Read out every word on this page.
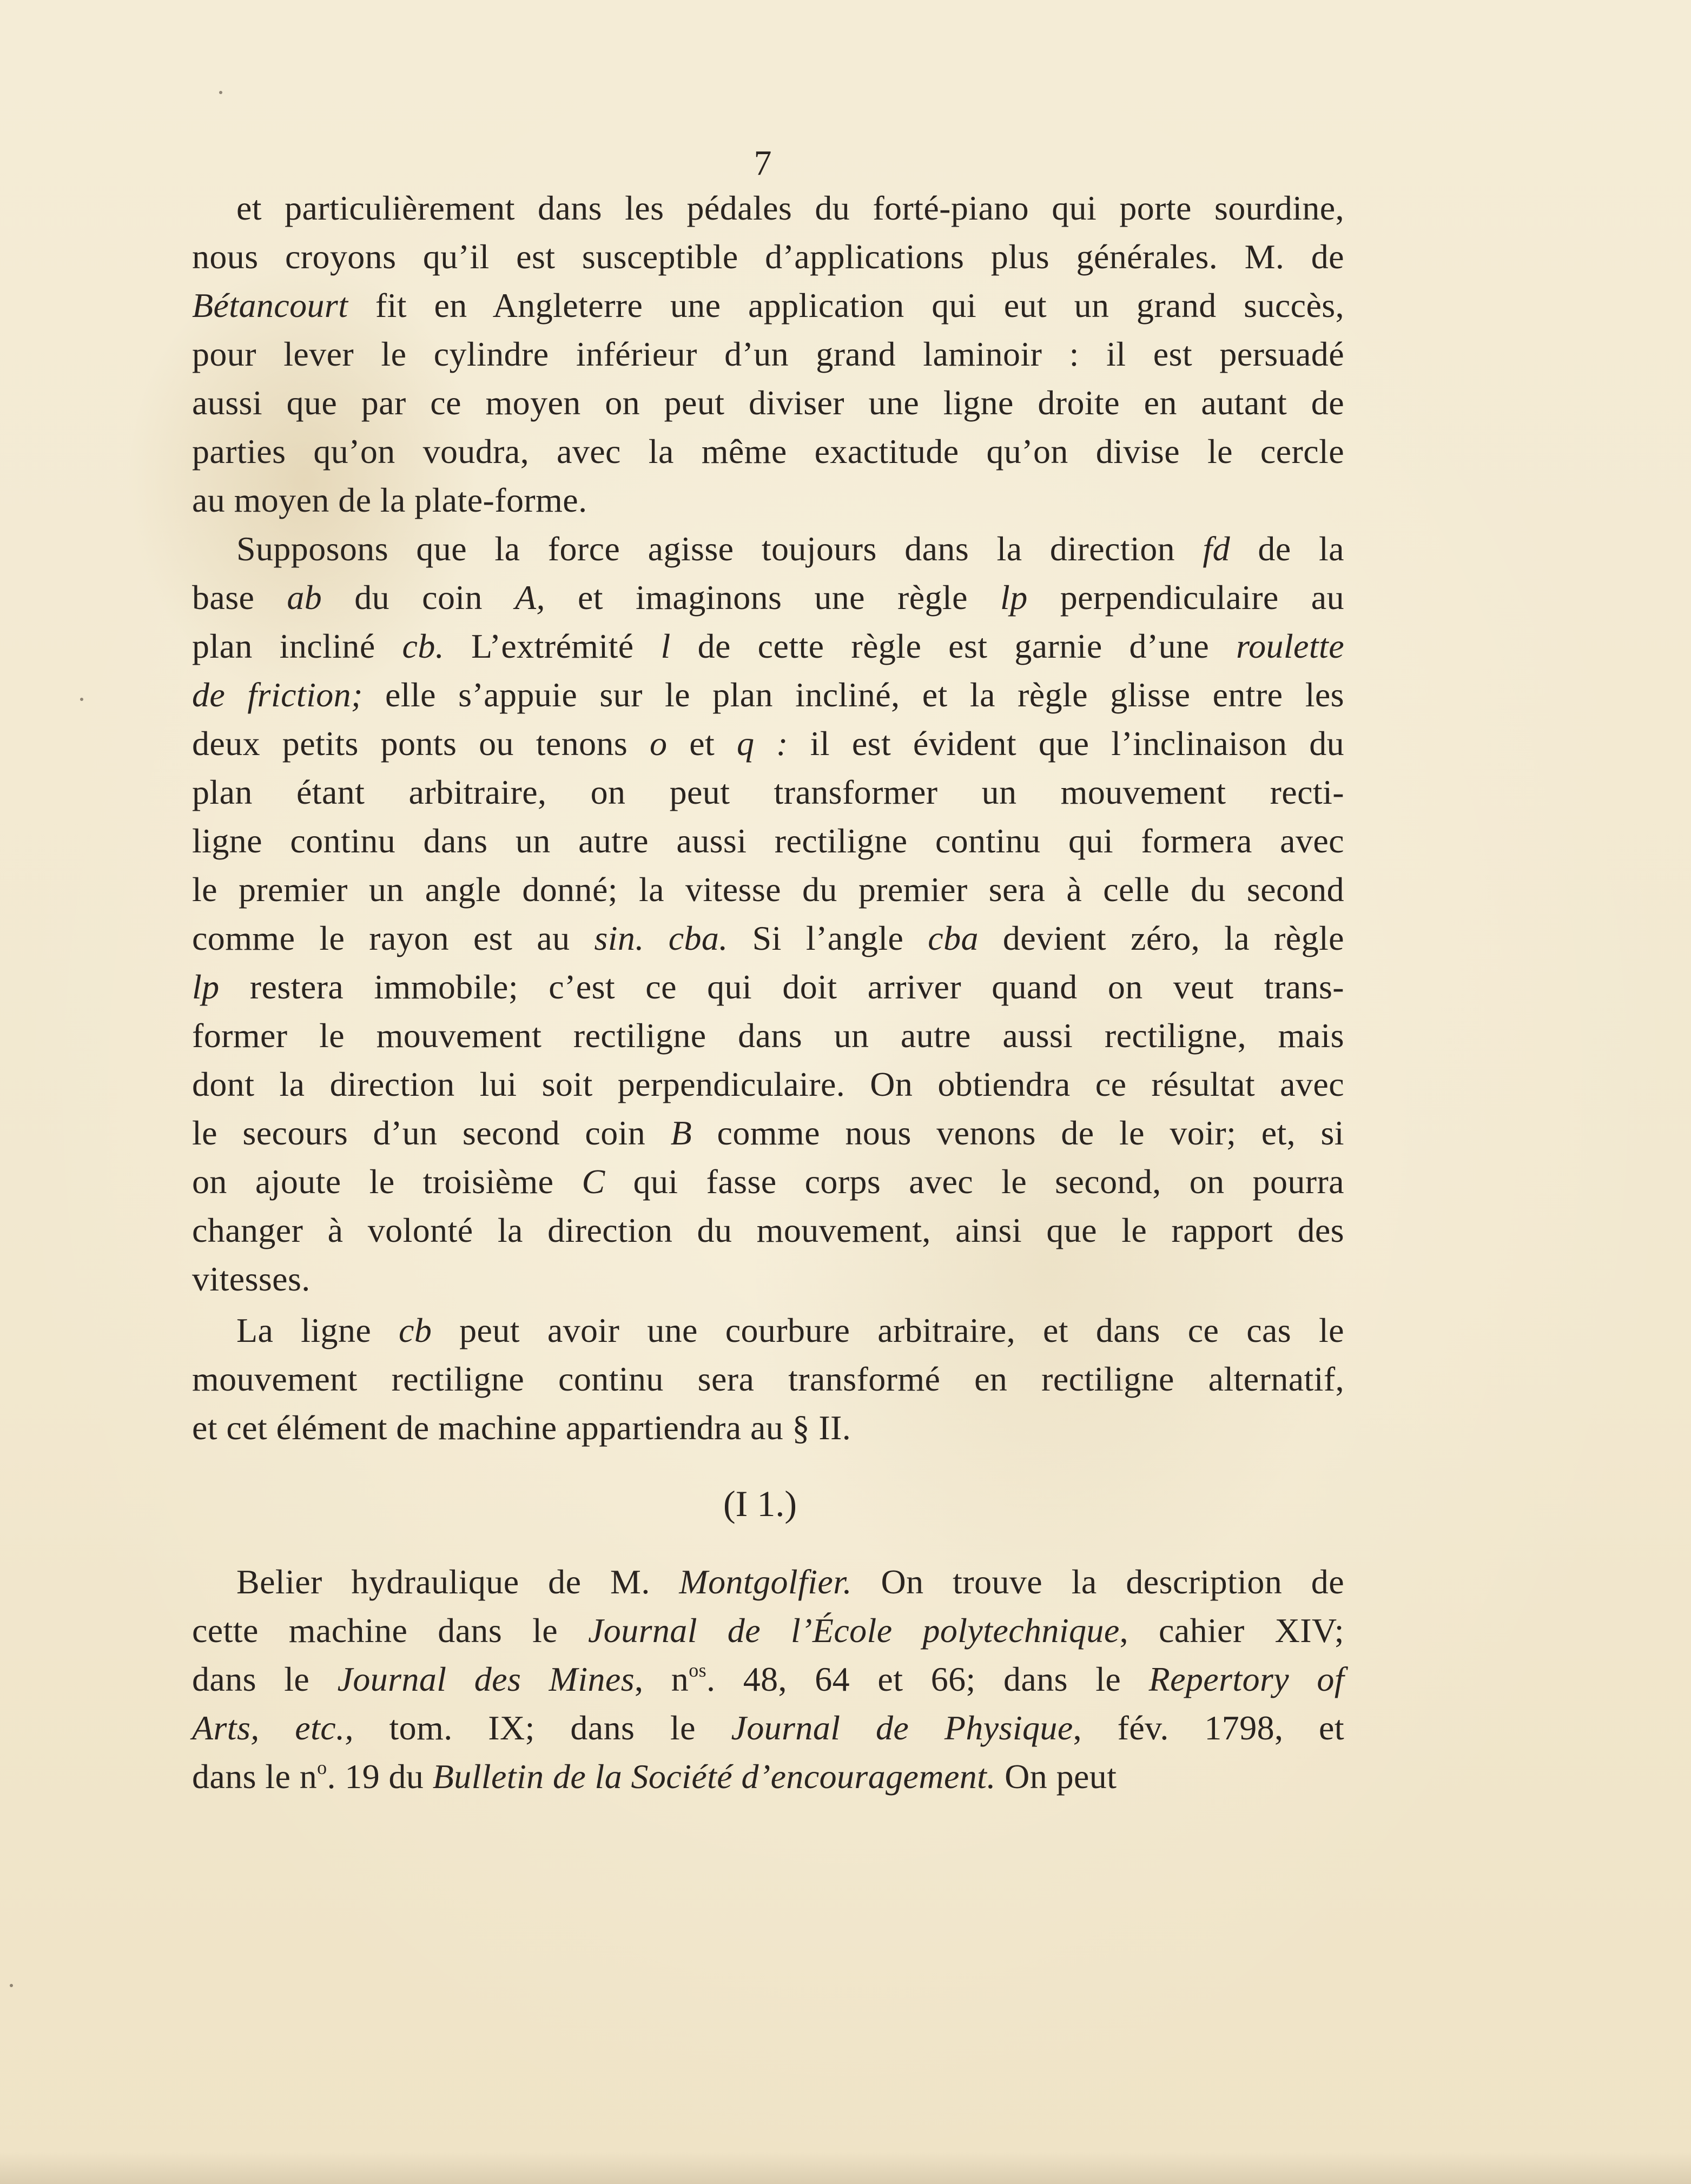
7

et particulièrement dans les pédales du forté-piano qui porte sourdine,
nous croyons qu’il est susceptible d’applications plus générales. M. de
Bétancourt fit en Angleterre une application qui eut un grand succès,
pour lever le cylindre inférieur d’un grand laminoir : il est persuadé
aussi que par ce moyen on peut diviser une ligne droite en autant de
parties qu’on voudra, avec la même exactitude qu’on divise le cercle
au moyen de la plate-forme.

Supposons que la force agisse toujours dans la direction fd de la
base ab du coin A, et imaginons une règle lp perpendiculaire au
plan incliné cb. L’extrémité l de cette règle est garnie d’une roulette
de friction; elle s’appuie sur le plan incliné, et la règle glisse entre les
deux petits ponts ou tenons o et q : il est évident que l’inclinaison du
plan étant arbitraire, on peut transformer un mouvement recti-
ligne continu dans un autre aussi rectiligne continu qui formera avec
le premier un angle donné; la vitesse du premier sera à celle du second
comme le rayon est au sin. cba. Si l’angle cba devient zéro, la règle
lp restera immobile; c’est ce qui doit arriver quand on veut trans-
former le mouvement rectiligne dans un autre aussi rectiligne, mais
dont la direction lui soit perpendiculaire. On obtiendra ce résultat avec
le secours d’un second coin B comme nous venons de le voir; et, si
on ajoute le troisième C qui fasse corps avec le second, on pourra
changer à volonté la direction du mouvement, ainsi que le rapport des
vitesses.

La ligne cb peut avoir une courbure arbitraire, et dans ce cas le
mouvement rectiligne continu sera transformé en rectiligne alternatif,
et cet élément de machine appartiendra au § II.

(I 1.)

Belier hydraulique de M. Montgolfier. On trouve la description de
cette machine dans le Journal de l’École polytechnique, cahier XIV;
dans le Journal des Mines, $n^{os}$. 48, 64 et 66; dans le Repertory of
Arts, etc., tom. IX; dans le Journal de Physique, fév. 1798, et
dans le $n^o$. 19 du Bulletin de la Société d’encouragement. On peut
